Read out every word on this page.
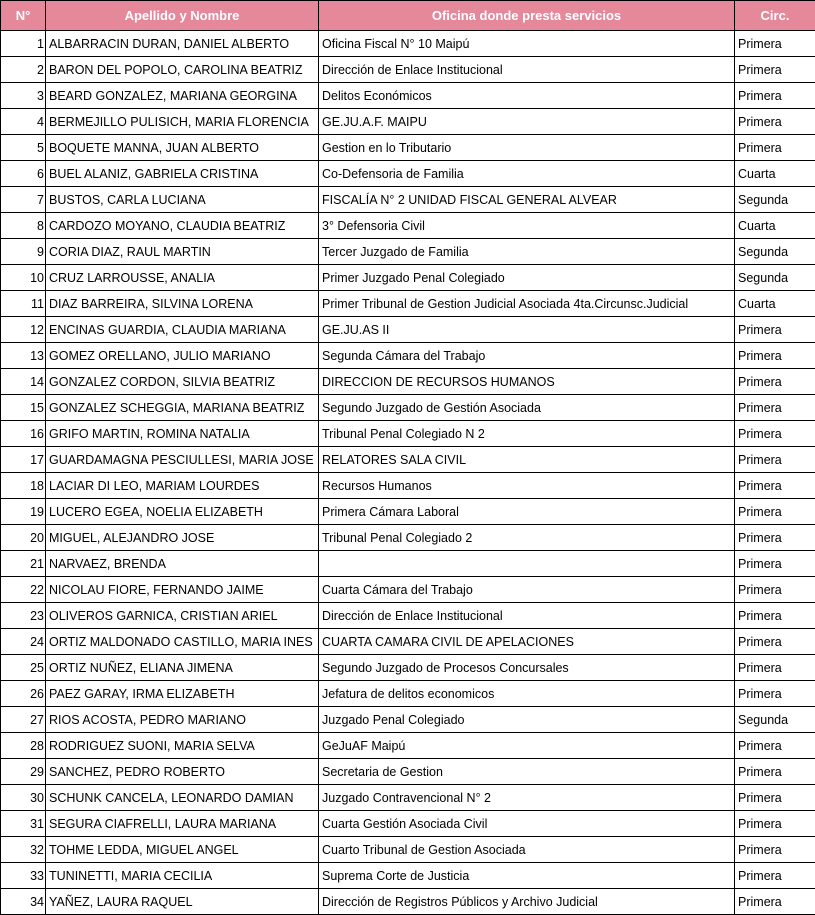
N°	Apellido y Nombre	Oficina donde presta servicios	Circ.
1	ALBARRACIN DURAN, DANIEL ALBERTO	Oficina Fiscal N° 10 Maipú	Primera
2	BARON DEL POPOLO, CAROLINA BEATRIZ	Dirección de Enlace Institucional	Primera
3	BEARD GONZALEZ, MARIANA GEORGINA	Delitos Económicos	Primera
4	BERMEJILLO PULISICH, MARIA FLORENCIA	GE.JU.A.F. MAIPU	Primera
5	BOQUETE MANNA, JUAN ALBERTO	Gestion en lo Tributario	Primera
6	BUEL ALANIZ, GABRIELA CRISTINA	Co-Defensoria de Familia	Cuarta
7	BUSTOS, CARLA LUCIANA	FISCALÍA N° 2 UNIDAD FISCAL GENERAL ALVEAR	Segunda
8	CARDOZO MOYANO, CLAUDIA BEATRIZ	3° Defensoria Civil	Cuarta
9	CORIA DIAZ, RAUL MARTIN	Tercer Juzgado de Familia	Segunda
10	CRUZ LARROUSSE, ANALIA	Primer Juzgado Penal Colegiado	Segunda
11	DIAZ BARREIRA, SILVINA LORENA	Primer Tribunal de Gestion Judicial Asociada 4ta.Circunsc.Judicial	Cuarta
12	ENCINAS GUARDIA, CLAUDIA MARIANA	GE.JU.AS II	Primera
13	GOMEZ ORELLANO, JULIO MARIANO	Segunda Cámara del Trabajo	Primera
14	GONZALEZ CORDON, SILVIA BEATRIZ	DIRECCION DE RECURSOS HUMANOS	Primera
15	GONZALEZ SCHEGGIA, MARIANA BEATRIZ	Segundo Juzgado de Gestión Asociada	Primera
16	GRIFO MARTIN, ROMINA NATALIA	Tribunal Penal Colegiado N 2	Primera
17	GUARDAMAGNA PESCIULLESI, MARIA JOSE	RELATORES SALA CIVIL	Primera
18	LACIAR DI LEO, MARIAM LOURDES	Recursos Humanos	Primera
19	LUCERO EGEA, NOELIA ELIZABETH	Primera Cámara Laboral	Primera
20	MIGUEL, ALEJANDRO JOSE	Tribunal Penal Colegiado 2	Primera
21	NARVAEZ, BRENDA		Primera
22	NICOLAU FIORE, FERNANDO JAIME	Cuarta Cámara del Trabajo	Primera
23	OLIVEROS GARNICA, CRISTIAN ARIEL	Dirección de Enlace Institucional	Primera
24	ORTIZ MALDONADO CASTILLO, MARIA INES	CUARTA CAMARA CIVIL DE APELACIONES	Primera
25	ORTIZ NUÑEZ, ELIANA JIMENA	Segundo Juzgado de Procesos Concursales	Primera
26	PAEZ GARAY, IRMA ELIZABETH	Jefatura de delitos economicos	Primera
27	RIOS ACOSTA, PEDRO MARIANO	Juzgado Penal Colegiado	Segunda
28	RODRIGUEZ SUONI, MARIA SELVA	GeJuAF Maipú	Primera
29	SANCHEZ, PEDRO ROBERTO	Secretaria de Gestion	Primera
30	SCHUNK CANCELA, LEONARDO DAMIAN	Juzgado Contravencional N° 2	Primera
31	SEGURA CIAFRELLI, LAURA MARIANA	Cuarta Gestión Asociada Civil	Primera
32	TOHME LEDDA, MIGUEL ANGEL	Cuarto Tribunal de Gestion Asociada	Primera
33	TUNINETTI, MARIA CECILIA	Suprema Corte de Justicia	Primera
34	YAÑEZ, LAURA RAQUEL	Dirección de Registros Públicos y Archivo Judicial	Primera
